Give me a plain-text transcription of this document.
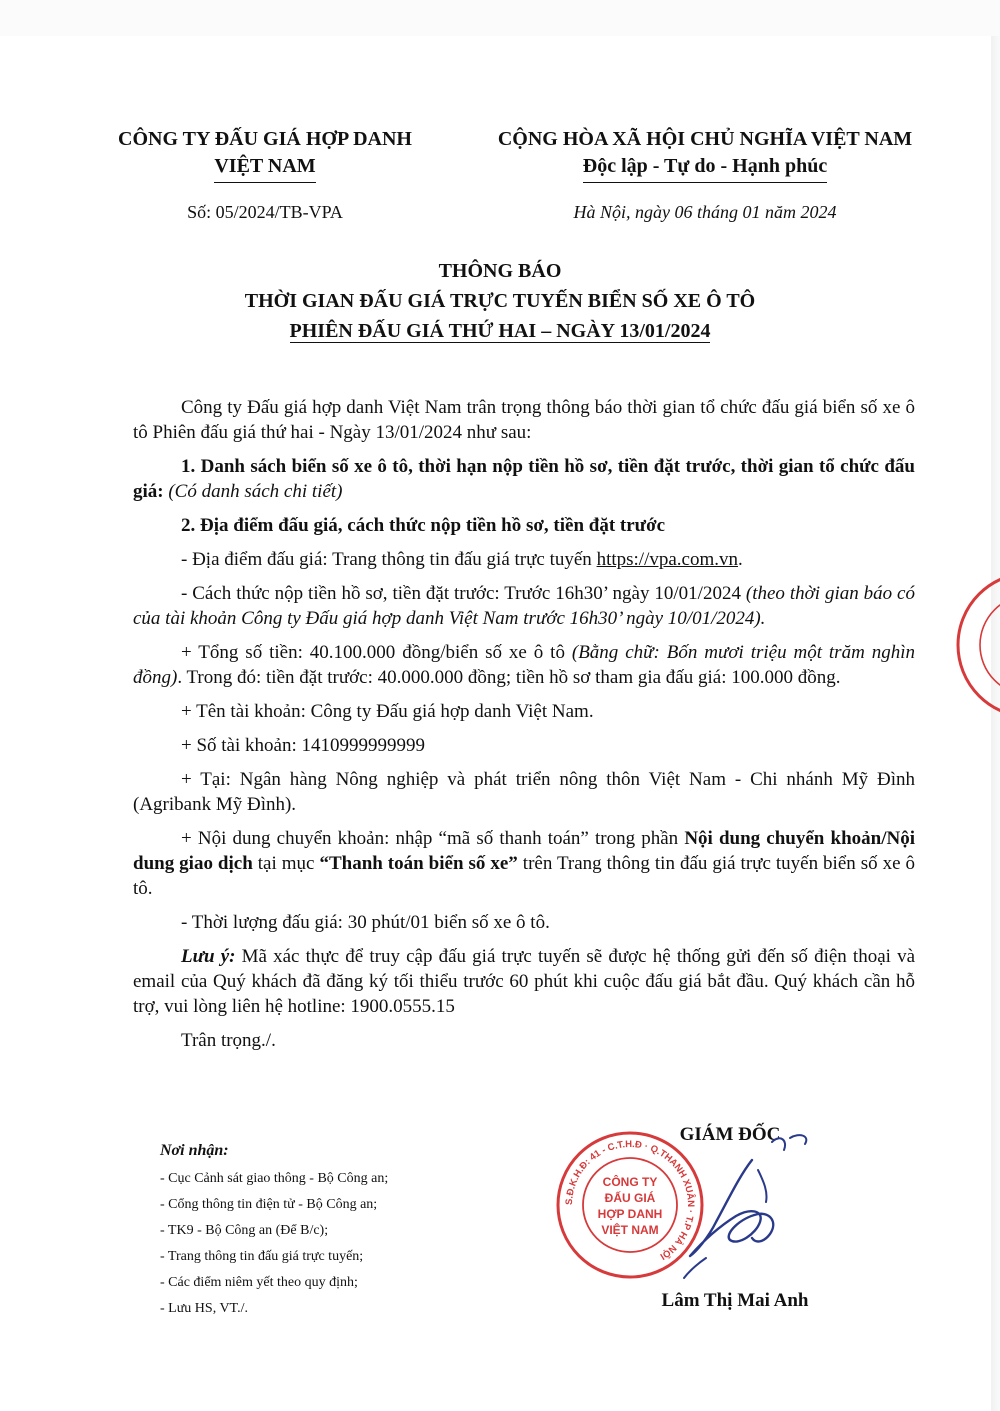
CÔNG TY ĐẤU GIÁ HỢP DANH
VIỆT NAM
CỘNG HÒA XÃ HỘI CHỦ NGHĨA VIỆT NAM
Độc lập - Tự do - Hạnh phúc
Số: 05/2024/TB-VPA	Hà Nội, ngày 06 tháng 01 năm 2024
THÔNG BÁO
THỜI GIAN ĐẤU GIÁ TRỰC TUYẾN BIỂN SỐ XE Ô TÔ
PHIÊN ĐẤU GIÁ THỨ HAI – NGÀY 13/01/2024

Công ty Đấu giá hợp danh Việt Nam trân trọng thông báo thời gian tổ chức đấu giá biển số xe ô tô Phiên đấu giá thứ hai - Ngày 13/01/2024 như sau:

1. Danh sách biển số xe ô tô, thời hạn nộp tiền hồ sơ, tiền đặt trước, thời gian tổ chức đấu giá: (Có danh sách chi tiết)

2. Địa điểm đấu giá, cách thức nộp tiền hồ sơ, tiền đặt trước

- Địa điểm đấu giá: Trang thông tin đấu giá trực tuyến https://vpa.com.vn.

- Cách thức nộp tiền hồ sơ, tiền đặt trước: Trước 16h30’ ngày 10/01/2024 (theo thời gian báo có của tài khoản Công ty Đấu giá hợp danh Việt Nam trước 16h30’ ngày 10/01/2024).

+ Tổng số tiền: 40.100.000 đồng/biển số xe ô tô (Bằng chữ: Bốn mươi triệu một trăm nghìn đồng). Trong đó: tiền đặt trước: 40.000.000 đồng; tiền hồ sơ tham gia đấu giá: 100.000 đồng.

+ Tên tài khoản: Công ty Đấu giá hợp danh Việt Nam.

+ Số tài khoản: 1410999999999

+ Tại: Ngân hàng Nông nghiệp và phát triển nông thôn Việt Nam - Chi nhánh Mỹ Đình (Agribank Mỹ Đình).

+ Nội dung chuyển khoản: nhập “mã số thanh toán” trong phần Nội dung chuyển khoản/Nội dung giao dịch tại mục “Thanh toán biển số xe” trên Trang thông tin đấu giá trực tuyến biển số xe ô tô.

- Thời lượng đấu giá: 30 phút/01 biển số xe ô tô.

Lưu ý: Mã xác thực để truy cập đấu giá trực tuyến sẽ được hệ thống gửi đến số điện thoại và email của Quý khách đã đăng ký tối thiểu trước 60 phút khi cuộc đấu giá bắt đầu. Quý khách cần hỗ trợ, vui lòng liên hệ hotline: 1900.0555.15

Trân trọng./.

Nơi nhận:
- Cục Cảnh sát giao thông - Bộ Công an;
- Cổng thông tin điện tử - Bộ Công an;
- TK9 - Bộ Công an (Để B/c);
- Trang thông tin đấu giá trực tuyến;
- Các điểm niêm yết theo quy định;
- Lưu HS, VT./.
GIÁM ĐỐC
S.Đ.K.H.Đ: 41 - C.T.H.Đ · Q.THANH XUÂN · T.P HÀ NỘI
CÔNG TY
ĐẤU GIÁ
HỢP DANH
VIỆT NAM
Lâm Thị Mai Anh
